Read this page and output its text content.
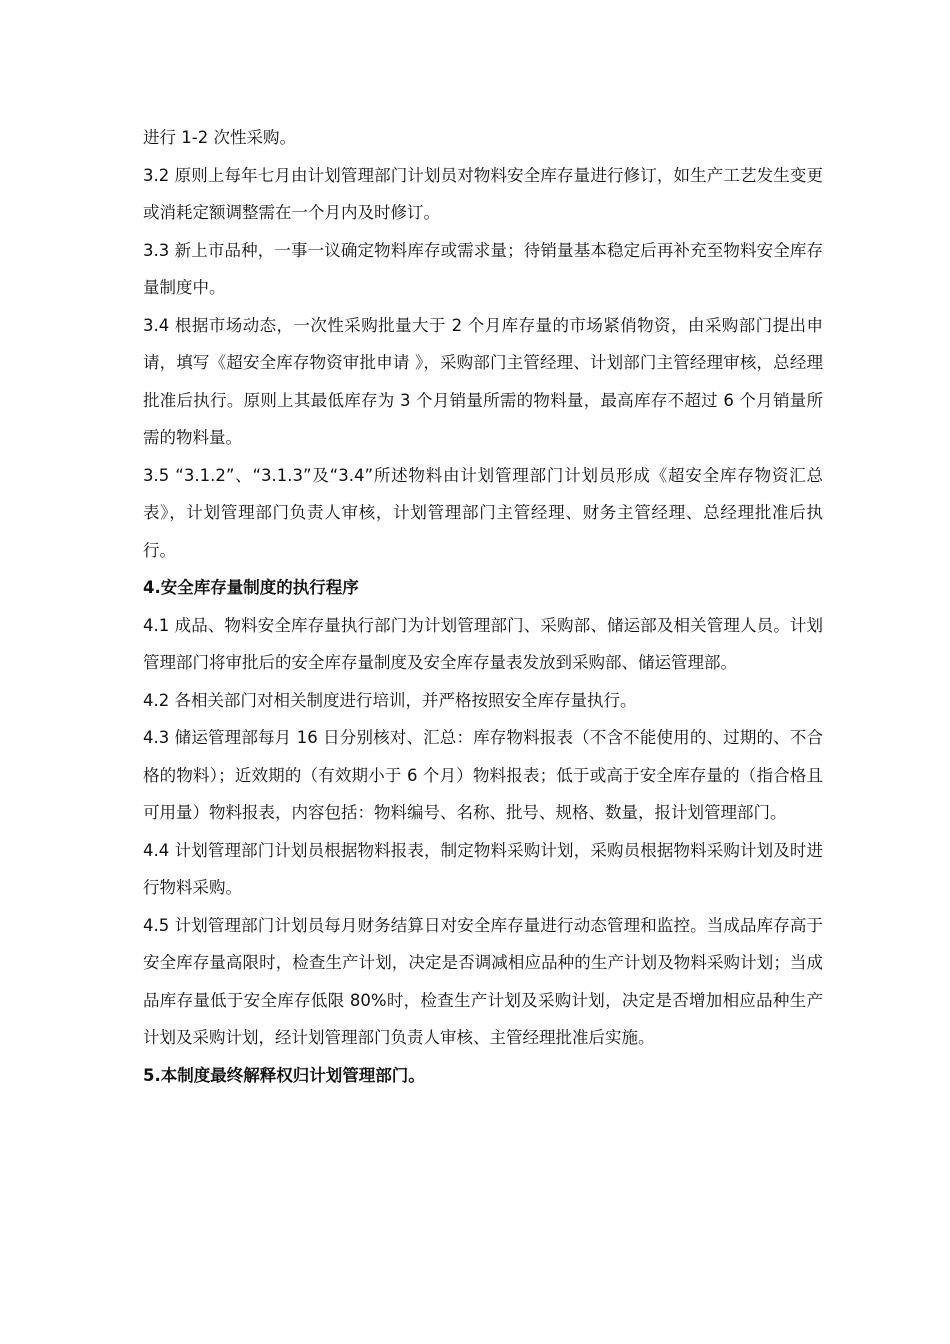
进行 1-2 次性采购。

3.2 原则上每年七月由计划管理部门计划员对物料安全库存量进行修订，如生产工艺发生变更或消耗定额调整需在一个月内及时修订。

3.3 新上市品种，一事一议确定物料库存或需求量；待销量基本稳定后再补充至物料安全库存量制度中。

3.4 根据市场动态，一次性采购批量大于 2 个月库存量的市场紧俏物资，由采购部门提出申请，填写《超安全库存物资审批申请 》，采购部门主管经理、计划部门主管经理审核，总经理批准后执行。原则上其最低库存为 3 个月销量所需的物料量，最高库存不超过 6 个月销量所需的物料量。

3.5 “3.1.2”、“3.1.3”及“3.4”所述物料由计划管理部门计划员形成《超安全库存物资汇总表》，计划管理部门负责人审核，计划管理部门主管经理、财务主管经理、总经理批准后执行。

4.安全库存量制度的执行程序

4.1 成品、物料安全库存量执行部门为计划管理部门、采购部、储运部及相关管理人员。计划管理部门将审批后的安全库存量制度及安全库存量表发放到采购部、储运管理部。

4.2 各相关部门对相关制度进行培训，并严格按照安全库存量执行。

4.3 储运管理部每月 16 日分别核对、汇总：库存物料报表（不含不能使用的、过期的、不合格的物料）；近效期的（有效期小于 6 个月）物料报表；低于或高于安全库存量的（指合格且可用量）物料报表，内容包括：物料编号、名称、批号、规格、数量，报计划管理部门。

4.4 计划管理部门计划员根据物料报表，制定物料采购计划，采购员根据物料采购计划及时进行物料采购。

4.5 计划管理部门计划员每月财务结算日对安全库存量进行动态管理和监控。当成品库存高于安全库存量高限时，检查生产计划，决定是否调减相应品种的生产计划及物料采购计划；当成品库存量低于安全库存低限 80%时，检查生产计划及采购计划，决定是否增加相应品种生产计划及采购计划，经计划管理部门负责人审核、主管经理批准后实施。

5.本制度最终解释权归计划管理部门。
